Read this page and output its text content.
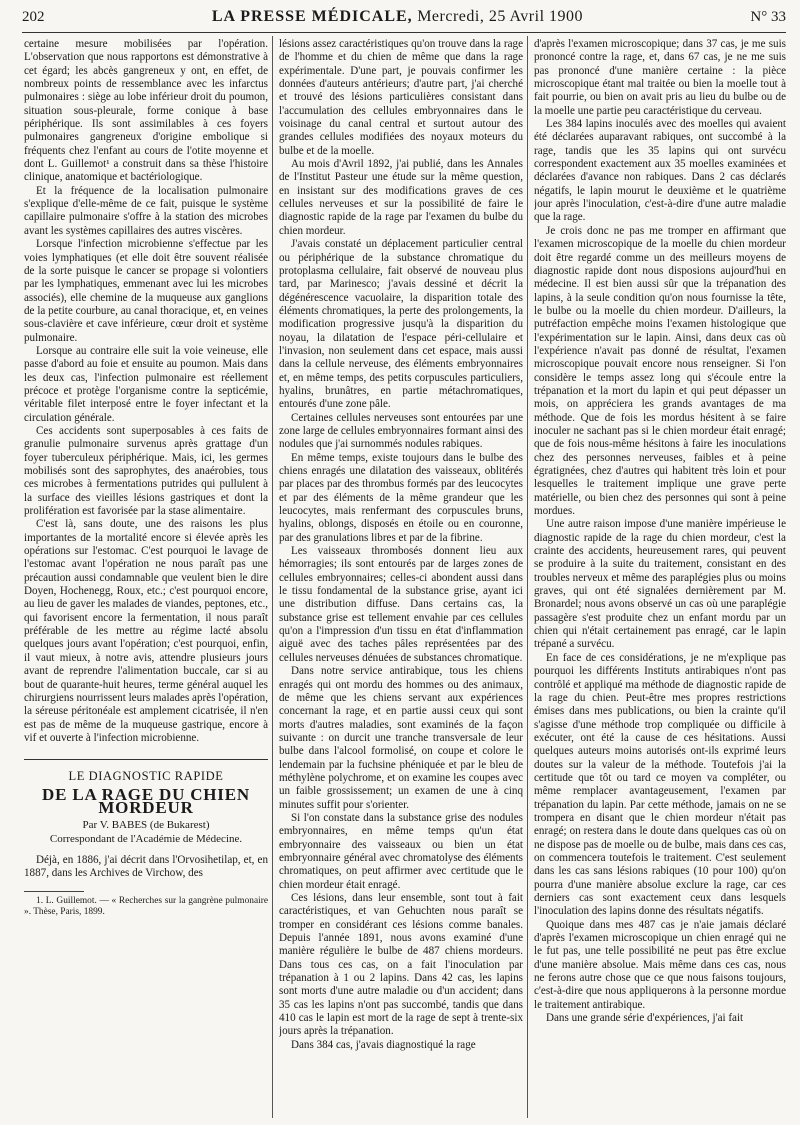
202	LA PRESSE MÉDICALE, Mercredi, 25 Avril 1900	N° 33

certaine mesure mobilisées par l'opération. L'observation que nous rapportons est démonstrative à cet égard; les abcès gangreneux y ont, en effet, de nombreux points de ressemblance avec les infarctus pulmonaires : siège au lobe inférieur droit du poumon, situation sous-pleurale, forme conique à base périphérique. Ils sont assimilables à ces foyers pulmonaires gangreneux d'origine embolique si fréquents chez l'enfant au cours de l'otite moyenne et dont L. Guillemot¹ a construit dans sa thèse l'histoire clinique, anatomique et bactériologique.

Et la fréquence de la localisation pulmonaire s'explique d'elle-même de ce fait, puisque le système capillaire pulmonaire s'offre à la station des microbes avant les systèmes capillaires des autres viscères.

Lorsque l'infection microbienne s'effectue par les voies lymphatiques (et elle doit être souvent réalisée de la sorte puisque le cancer se propage si volontiers par les lymphatiques, emmenant avec lui les microbes associés), elle chemine de la muqueuse aux ganglions de la petite courbure, au canal thoracique, et, en veines sous-clavière et cave inférieure, cœur droit et système pulmonaire.

Lorsque au contraire elle suit la voie veineuse, elle passe d'abord au foie et ensuite au poumon. Mais dans les deux cas, l'infection pulmonaire est réellement précoce et protège l'organisme contre la septicémie, véritable filet interposé entre le foyer infectant et la circulation générale.

Ces accidents sont superposables à ces faits de granulie pulmonaire survenus après grattage d'un foyer tuberculeux périphérique. Mais, ici, les germes mobilisés sont des saprophytes, des anaérobies, tous ces microbes à fermentations putrides qui pullulent à la surface des vieilles lésions gastriques et dont la prolifération est favorisée par la stase alimentaire.

C'est là, sans doute, une des raisons les plus importantes de la mortalité encore si élevée après les opérations sur l'estomac. C'est pourquoi le lavage de l'estomac avant l'opération ne nous paraît pas une précaution aussi condamnable que veulent bien le dire Doyen, Hochenegg, Roux, etc.; c'est pourquoi encore, au lieu de gaver les malades de viandes, peptones, etc., qui favorisent encore la fermentation, il nous paraît préférable de les mettre au régime lacté absolu quelques jours avant l'opération; c'est pourquoi, enfin, il vaut mieux, à notre avis, attendre plusieurs jours avant de reprendre l'alimentation buccale, car si au bout de quarante-huit heures, terme général auquel les chirurgiens nourrissent leurs malades après l'opération, la séreuse péritonéale est amplement cicatrisée, il n'en est pas de même de la muqueuse gastrique, encore à vif et ouverte à l'infection microbienne.

LE DIAGNOSTIC RAPIDE
DE LA RAGE DU CHIEN MORDEUR
Par V. BABES (de Bukarest)
Correspondant de l'Académie de Médecine.

Déjà, en 1886, j'ai décrit dans l'Orvosihetilap, et, en 1887, dans les Archives de Virchow, des

1. L. Guillemot. — « Recherches sur la gangrène pulmonaire ». Thèse, Paris, 1899.

lésions assez caractéristiques qu'on trouve dans la rage de l'homme et du chien de même que dans la rage expérimentale. D'une part, je pouvais confirmer les données d'auteurs antérieurs; d'autre part, j'ai cherché et trouvé des lésions particulières consistant dans l'accumulation des cellules embryonnaires dans le voisinage du canal central et surtout autour des grandes cellules modifiées des noyaux moteurs du bulbe et de la moelle.

Au mois d'Avril 1892, j'ai publié, dans les Annales de l'Institut Pasteur une étude sur la même question, en insistant sur des modifications graves de ces cellules nerveuses et sur la possibilité de faire le diagnostic rapide de la rage par l'examen du bulbe du chien mordeur.

J'avais constaté un déplacement particulier central ou périphérique de la substance chromatique du protoplasma cellulaire, fait observé de nouveau plus tard, par Marinesco; j'avais dessiné et décrit la dégénérescence vacuolaire, la disparition totale des éléments chromatiques, la perte des prolongements, la modification progressive jusqu'à la disparition du noyau, la dilatation de l'espace péri-cellulaire et l'invasion, non seulement dans cet espace, mais aussi dans la cellule nerveuse, des éléments embryonnaires et, en même temps, des petits corpuscules particuliers, hyalins, brunâtres, en partie métachromatiques, entourés d'une zone pâle.

Certaines cellules nerveuses sont entourées par une zone large de cellules embryonnaires formant ainsi des nodules que j'ai surnommés nodules rabiques.

En même temps, existe toujours dans le bulbe des chiens enragés une dilatation des vaisseaux, oblitérés par places par des thrombus formés par des leucocytes et par des éléments de la même grandeur que les leucocytes, mais renfermant des corpuscules bruns, hyalins, oblongs, disposés en étoile ou en couronne, par des granulations libres et par de la fibrine.

Les vaisseaux thrombosés donnent lieu aux hémorragies; ils sont entourés par de larges zones de cellules embryonnaires; celles-ci abondent aussi dans le tissu fondamental de la substance grise, ayant ici une distribution diffuse. Dans certains cas, la substance grise est tellement envahie par ces cellules qu'on a l'impression d'un tissu en état d'inflammation aiguë avec des taches pâles représentées par des cellules nerveuses dénuées de substances chromatique.

Dans notre service antirabique, tous les chiens enragés qui ont mordu des hommes ou des animaux, de même que les chiens servant aux expériences concernant la rage, et en partie aussi ceux qui sont morts d'autres maladies, sont examinés de la façon suivante : on durcit une tranche transversale de leur bulbe dans l'alcool formolisé, on coupe et colore le lendemain par la fuchsine phéniquée et par le bleu de méthylène polychrome, et on examine les coupes avec un faible grossissement; un examen de une à cinq minutes suffit pour s'orienter.

Si l'on constate dans la substance grise des nodules embryonnaires, en même temps qu'un état embryonnaire des vaisseaux ou bien un état embryonnaire général avec chromatolyse des éléments chromatiques, on peut affirmer avec certitude que le chien mordeur était enragé.

Ces lésions, dans leur ensemble, sont tout à fait caractéristiques, et van Gehuchten nous paraît se tromper en considérant ces lésions comme banales. Depuis l'année 1891, nous avons examiné d'une manière régulière le bulbe de 487 chiens mordeurs. Dans tous ces cas, on a fait l'inoculation par trépanation à 1 ou 2 lapins. Dans 42 cas, les lapins sont morts d'une autre maladie ou d'un accident; dans 35 cas les lapins n'ont pas succombé, tandis que dans 410 cas le lapin est mort de la rage de sept à trente-six jours après la trépanation.

Dans 384 cas, j'avais diagnostiqué la rage

d'après l'examen microscopique; dans 37 cas, je me suis prononcé contre la rage, et, dans 67 cas, je ne me suis pas prononcé d'une manière certaine : la pièce microscopique étant mal traitée ou bien la moelle tout à fait pourrie, ou bien on avait pris au lieu du bulbe ou de la moelle une partie peu caractéristique du cerveau.

Les 384 lapins inoculés avec des moelles qui avaient été déclarées auparavant rabiques, ont succombé à la rage, tandis que les 35 lapins qui ont survécu correspondent exactement aux 35 moelles examinées et déclarées d'avance non rabiques. Dans 2 cas déclarés négatifs, le lapin mourut le deuxième et le quatrième jour après l'inoculation, c'est-à-dire d'une autre maladie que la rage.

Je crois donc ne pas me tromper en affirmant que l'examen microscopique de la moelle du chien mordeur doit être regardé comme un des meilleurs moyens de diagnostic rapide dont nous disposions aujourd'hui en médecine. Il est bien aussi sûr que la trépanation des lapins, à la seule condition qu'on nous fournisse la tête, le bulbe ou la moelle du chien mordeur. D'ailleurs, la putréfaction empêche moins l'examen histologique que l'expérimentation sur le lapin. Ainsi, dans deux cas où l'expérience n'avait pas donné de résultat, l'examen microscopique pouvait encore nous renseigner. Si l'on considère le temps assez long qui s'écoule entre la trépanation et la mort du lapin et qui peut dépasser un mois, on appréciera les grands avantages de ma méthode. Que de fois les mordus hésitent à se faire inoculer ne sachant pas si le chien mordeur était enragé; que de fois nous-même hésitons à faire les inoculations chez des personnes nerveuses, faibles et à peine égratignées, chez d'autres qui habitent très loin et pour lesquelles le traitement implique une grave perte matérielle, ou bien chez des personnes qui sont à peine mordues.

Une autre raison impose d'une manière impérieuse le diagnostic rapide de la rage du chien mordeur, c'est la crainte des accidents, heureusement rares, qui peuvent se produire à la suite du traitement, consistant en des troubles nerveux et même des paraplégies plus ou moins graves, qui ont été signalées dernièrement par M. Bronardel; nous avons observé un cas où une paraplégie passagère s'est produite chez un enfant mordu par un chien qui n'était certainement pas enragé, car le lapin trépané a survécu.

En face de ces considérations, je ne m'explique pas pourquoi les différents Instituts antirabiques n'ont pas contrôlé et appliqué ma méthode de diagnostic rapide de la rage du chien. Peut-être mes propres restrictions émises dans mes publications, ou bien la crainte qu'il s'agisse d'une méthode trop compliquée ou difficile à exécuter, ont été la cause de ces hésitations. Aussi quelques auteurs moins autorisés ont-ils exprimé leurs doutes sur la valeur de la méthode. Toutefois j'ai la certitude que tôt ou tard ce moyen va compléter, ou même remplacer avantageusement, l'examen par trépanation du lapin. Par cette méthode, jamais on ne se trompera en disant que le chien mordeur n'était pas enragé; on restera dans le doute dans quelques cas où on ne dispose pas de moelle ou de bulbe, mais dans ces cas, on commencera toutefois le traitement. C'est seulement dans les cas sans lésions rabiques (10 pour 100) qu'on pourra d'une manière absolue exclure la rage, car ces derniers cas sont exactement ceux dans lesquels l'inoculation des lapins donne des résultats négatifs.

Quoique dans mes 487 cas je n'aie jamais déclaré d'après l'examen microscopique un chien enragé qui ne le fut pas, une telle possibilité ne peut pas être exclue d'une manière absolue. Mais même dans ces cas, nous ne ferons autre chose que ce que nous faisons toujours, c'est-à-dire que nous appliquerons à la personne mordue le traitement antirabique.

Dans une grande série d'expériences, j'ai fait
